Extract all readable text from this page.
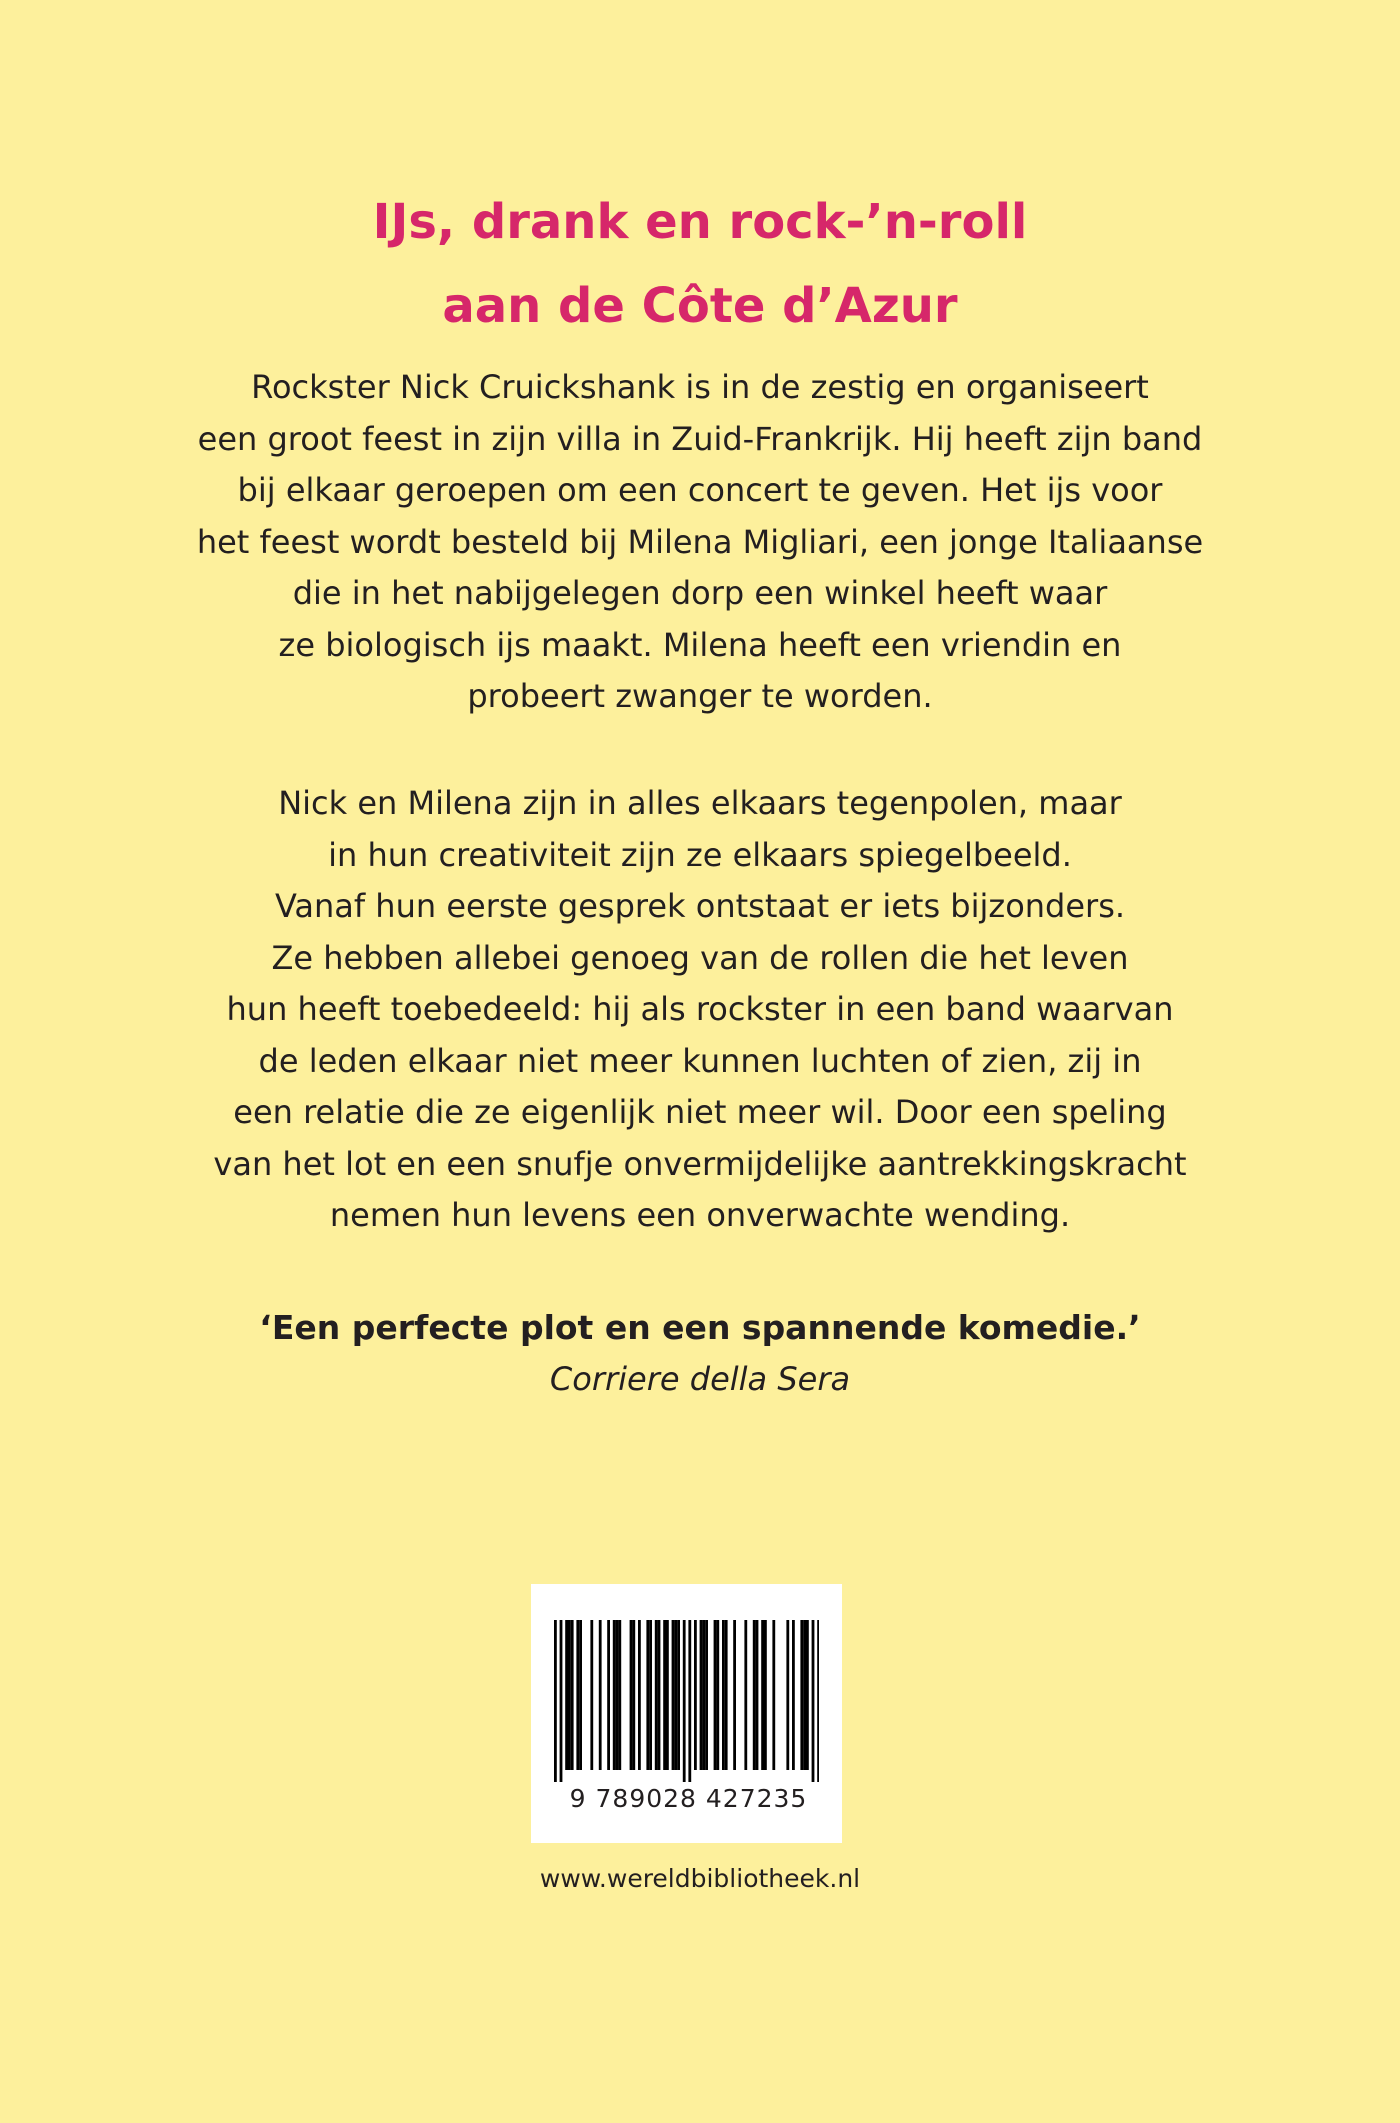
IJs, drank en rock-’n-roll
aan de Côte d’Azur
Rockster Nick Cruickshank is in de zestig en organiseert
een groot feest in zijn villa in Zuid-Frankrijk. Hij heeft zijn band
bij elkaar geroepen om een concert te geven. Het ijs voor
het feest wordt besteld bij Milena Migliari, een jonge Italiaanse
die in het nabijgelegen dorp een winkel heeft waar
ze biologisch ijs maakt. Milena heeft een vriendin en
probeert zwanger te worden.
Nick en Milena zijn in alles elkaars tegenpolen, maar
in hun creativiteit zijn ze elkaars spiegelbeeld.
Vanaf hun eerste gesprek ontstaat er iets bijzonders.
Ze hebben allebei genoeg van de rollen die het leven
hun heeft toebedeeld: hij als rockster in een band waarvan
de leden elkaar niet meer kunnen luchten of zien, zij in
een relatie die ze eigenlijk niet meer wil. Door een speling
van het lot en een snufje onvermijdelijke aantrekkingskracht
nemen hun levens een onverwachte wending.

‘Een perfecte plot en een spannende komedie.’

Corriere della Sera

9 789028 427235

www.wereldbibliotheek.nl
